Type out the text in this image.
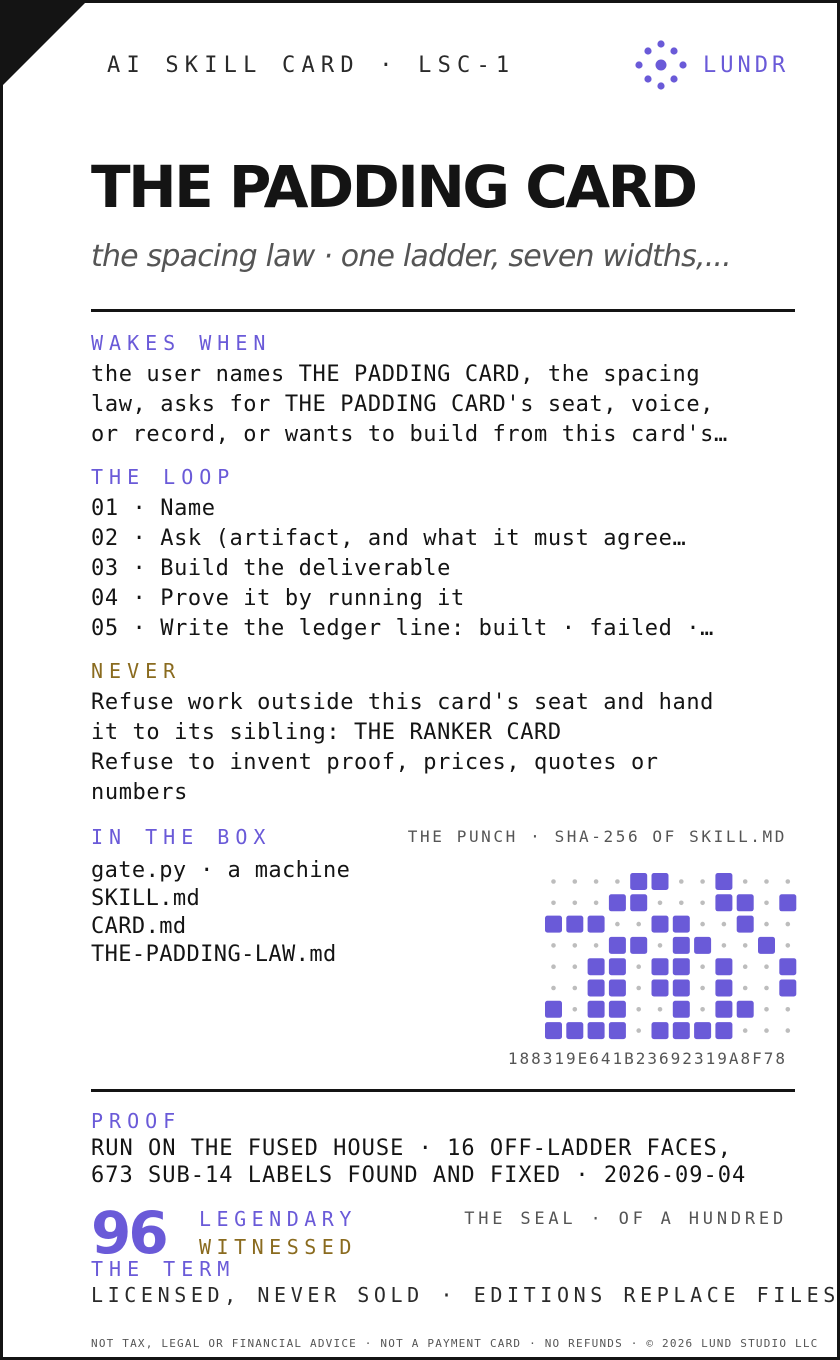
AI SKILL CARD · LSC-1	LUNDR
THE PADDING CARD
the spacing law · one ladder, seven widths,...
WAKES WHEN
the user names THE PADDING CARD, the spacing
law, asks for THE PADDING CARD's seat, voice,
or record, or wants to build from this card's…
THE LOOP
01 · Name
02 · Ask (artifact, and what it must agree…
03 · Build the deliverable
04 · Prove it by running it
05 · Write the ledger line: built · failed ·…
NEVER
Refuse work outside this card's seat and hand
it to its sibling: THE RANKER CARD
Refuse to invent proof, prices, quotes or
numbers
IN THE BOX	THE PUNCH · SHA-256 OF SKILL.MD
gate.py · a machine
SKILL.md
CARD.md
THE-PADDING-LAW.md
188319E641B23692319A8F78
PROOF
RUN ON THE FUSED HOUSE · 16 OFF-LADDER FACES,
673 SUB-14 LABELS FOUND AND FIXED · 2026-09-04
96 LEGENDARY
WITNESSED
THE SEAL · OF A HUNDRED
THE TERM
LICENSED, NEVER SOLD · EDITIONS REPLACE FILES
NOT TAX, LEGAL OR FINANCIAL ADVICE · NOT A PAYMENT CARD · NO REFUNDS · © 2026 LUND STUDIO LLC
